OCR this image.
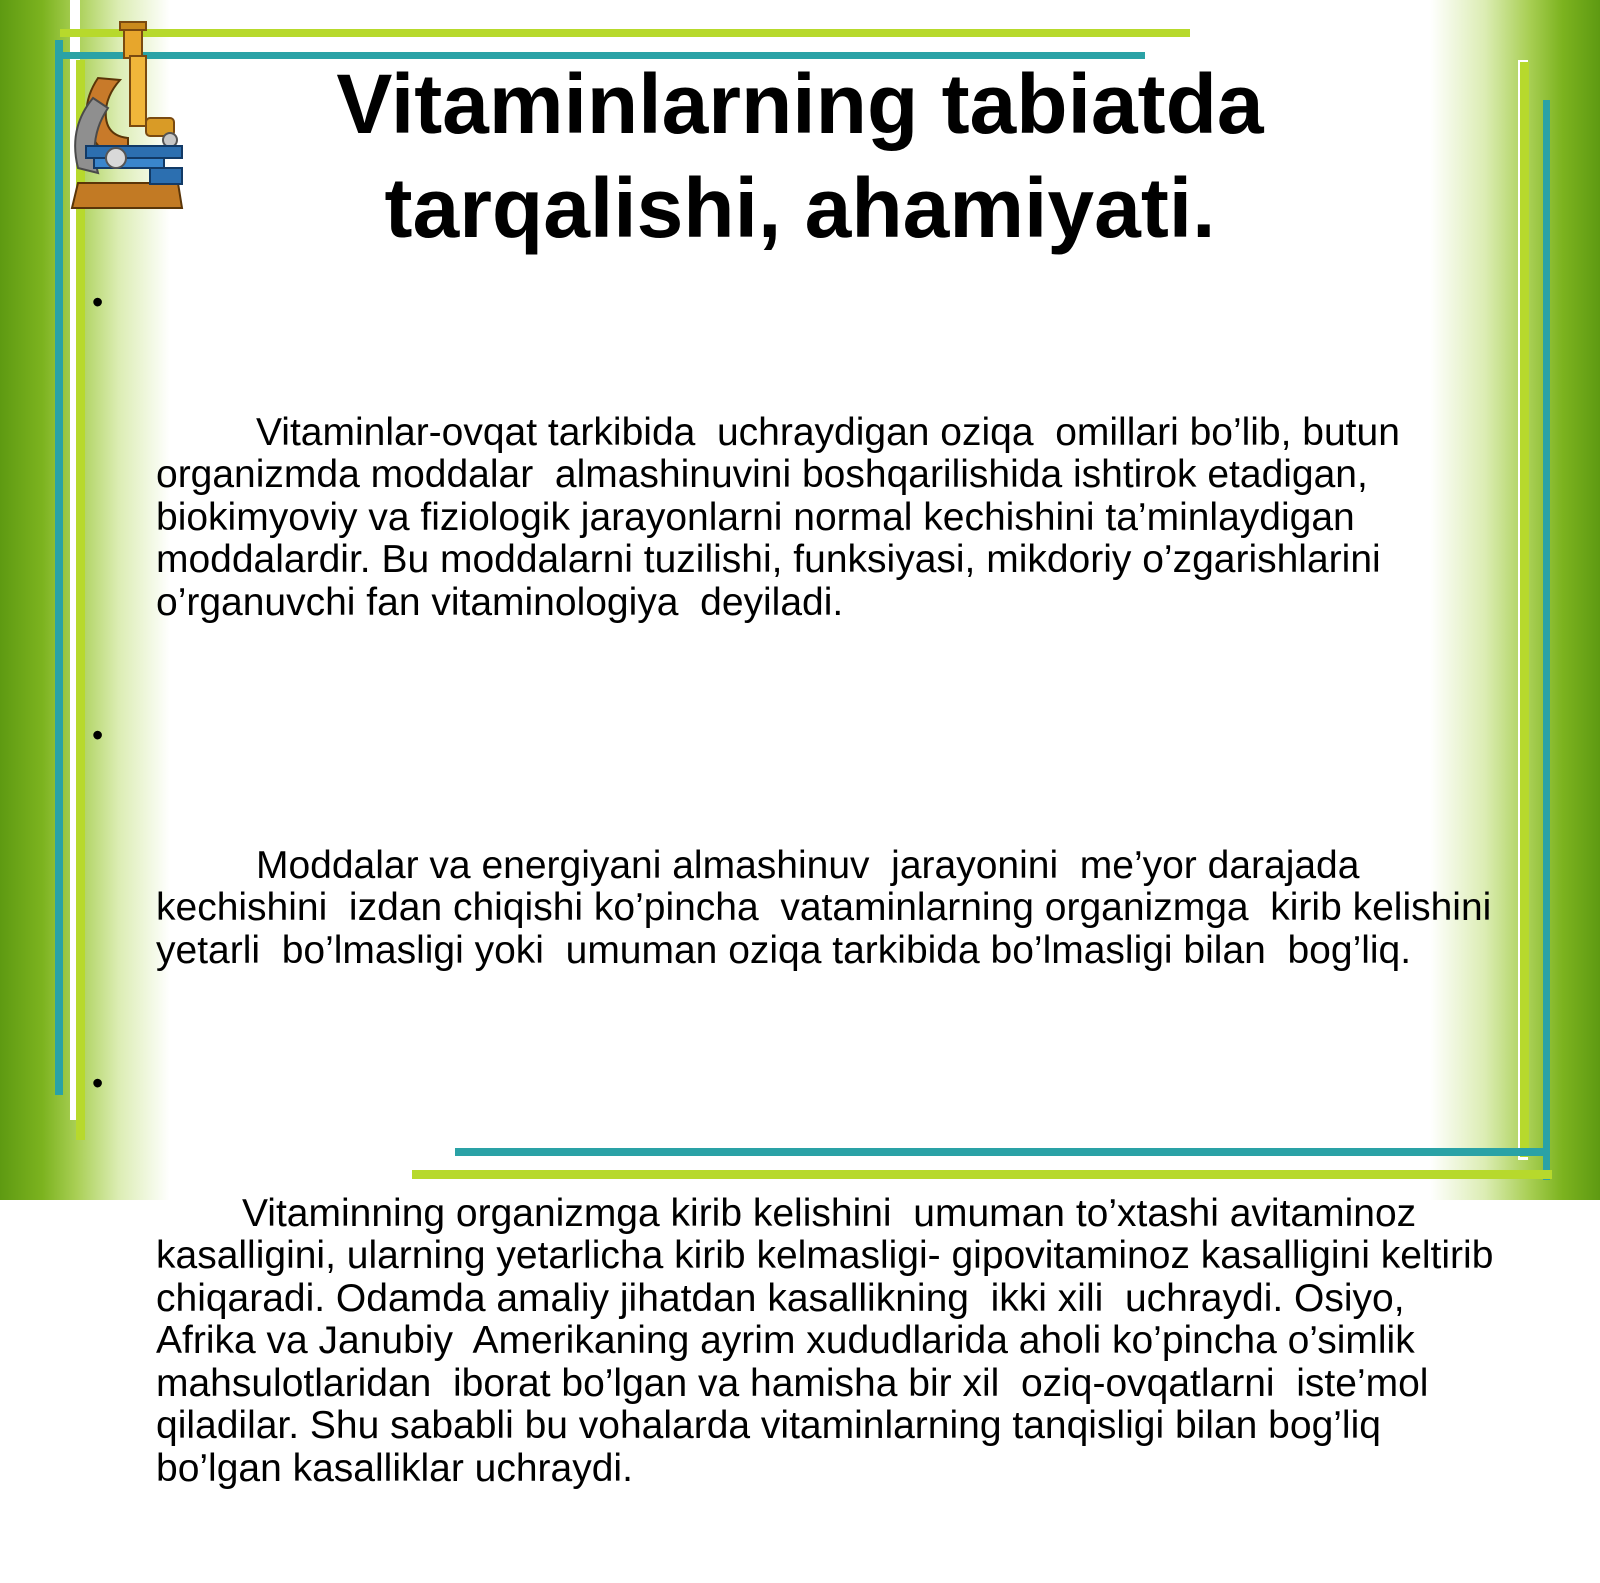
Vitaminlarning tabiatda tarqalishi, ahamiyati.

•

Vitaminlar-ovqat tarkibida  uchraydigan oziqa  omillari bo’lib, butun organizmda moddalar  almashinuvini boshqarilishida ishtirok etadigan, biokimyoviy va fiziologik jarayonlarni normal kechishini ta’minlaydigan moddalardir. Bu moddalarni tuzilishi, funksiyasi, mikdoriy o’zgarishlarini  o’rganuvchi fan vitaminologiya  deyiladi.

•

Moddalar va energiyani almashinuv  jarayonini  me’yor darajada  kechishini  izdan chiqishi ko’pincha  vataminlarning organizmga  kirib kelishini  yetarli  bo’lmasligi yoki  umuman oziqa tarkibida bo’lmasligi bilan  bog’liq.

•

Vitaminning organizmga kirib kelishini  umuman to’xtashi avitaminoz  kasalligini, ularning yetarlicha kirib kelmasligi- gipovitaminoz kasalligini keltirib chiqaradi. Odamda amaliy jihatdan kasallikning  ikki xili  uchraydi. Osiyo, Afrika va Janubiy  Amerikaning ayrim xududlarida aholi ko’pincha o’simlik  mahsulotlaridan  iborat bo’lgan va hamisha bir xil  oziq-ovqatlarni  iste’mol qiladilar. Shu sababli bu vohalarda vitaminlarning tanqisligi bilan bog’liq bo’lgan kasalliklar uchraydi.
